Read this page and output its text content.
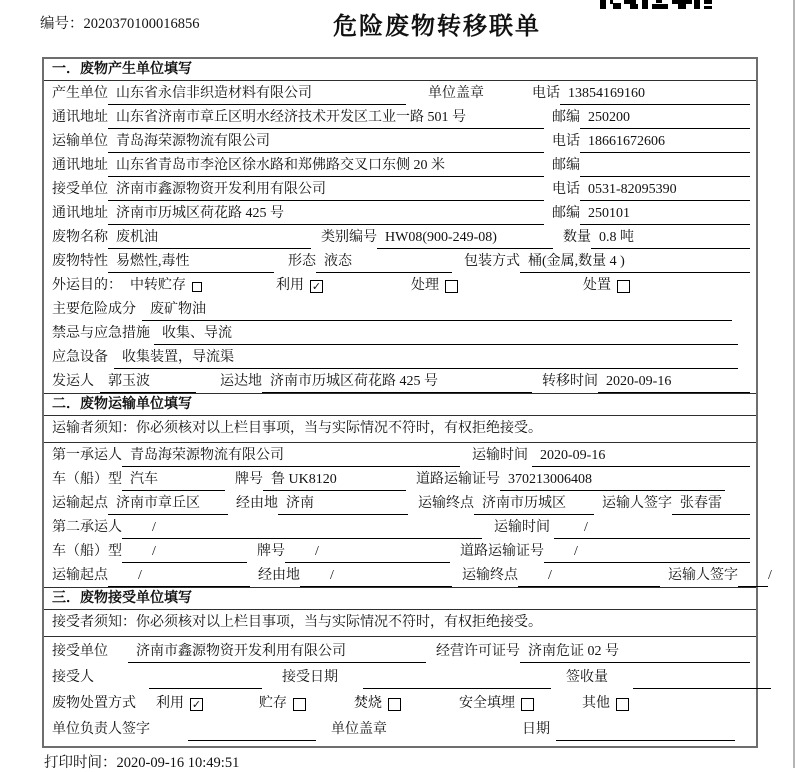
编号：2020370100016856	危险废物转移联单
一．废物产生单位填写
产生单位 山东省永信非织造材料有限公司	单位盖章	电话 13854169160
通讯地址 山东省济南市章丘区明水经济技术开发区工业一路 501 号	邮编 250200
运输单位 青岛海荣源物流有限公司	电话 18661672606
通讯地址 山东省青岛市李沧区徐水路和郑佛路交叉口东侧 20 米	邮编
接受单位 济南市鑫源物资开发利用有限公司	电话 0531-82095390
通讯地址 济南市历城区荷花路 425 号	邮编 250101
废物名称 废机油	类别编号 HW08(900-249-08)	数量 0.8 吨
废物特性 易燃性,毒性	形态 液态	包装方式 桶(金属,数量 4 )
外运目的： 中转贮存	利用 ✓	处理	处置
主要危险成分	废矿物油
禁忌与应急措施 收集、导流
应急设备	收集装置，导流渠
发运人	郭玉波	运达地 济南市历城区荷花路 425 号	转移时间 2020-09-16
二．废物运输单位填写
运输者须知：你必须核对以上栏目事项，当与实际情况不符时，有权拒绝接受。
第一承运人 青岛海荣源物流有限公司	运输时间 2020-09-16
车（船）型 汽车	牌号 鲁 UK8120	道路运输证号 370213006408
运输起点 济南市章丘区	经由地 济南	运输终点 济南市历城区	运输人签字 张春雷
第二承运人	/	运输时间	/
车（船）型	/	牌号	/	道路运输证号	/
运输起点	/	经由地	/	运输终点	/	运输人签字	/
三．废物接受单位填写
接受者须知：你必须核对以上栏目事项，当与实际情况不符时，有权拒绝接受。
接受单位	济南市鑫源物资开发利用有限公司	经营许可证号 济南危证 02 号
接受人	接受日期	签收量
废物处置方式 利用 ✓	贮存	焚烧	安全填埋	其他
单位负责人签字	单位盖章	日期
打印时间：2020-09-16 10:49:51
